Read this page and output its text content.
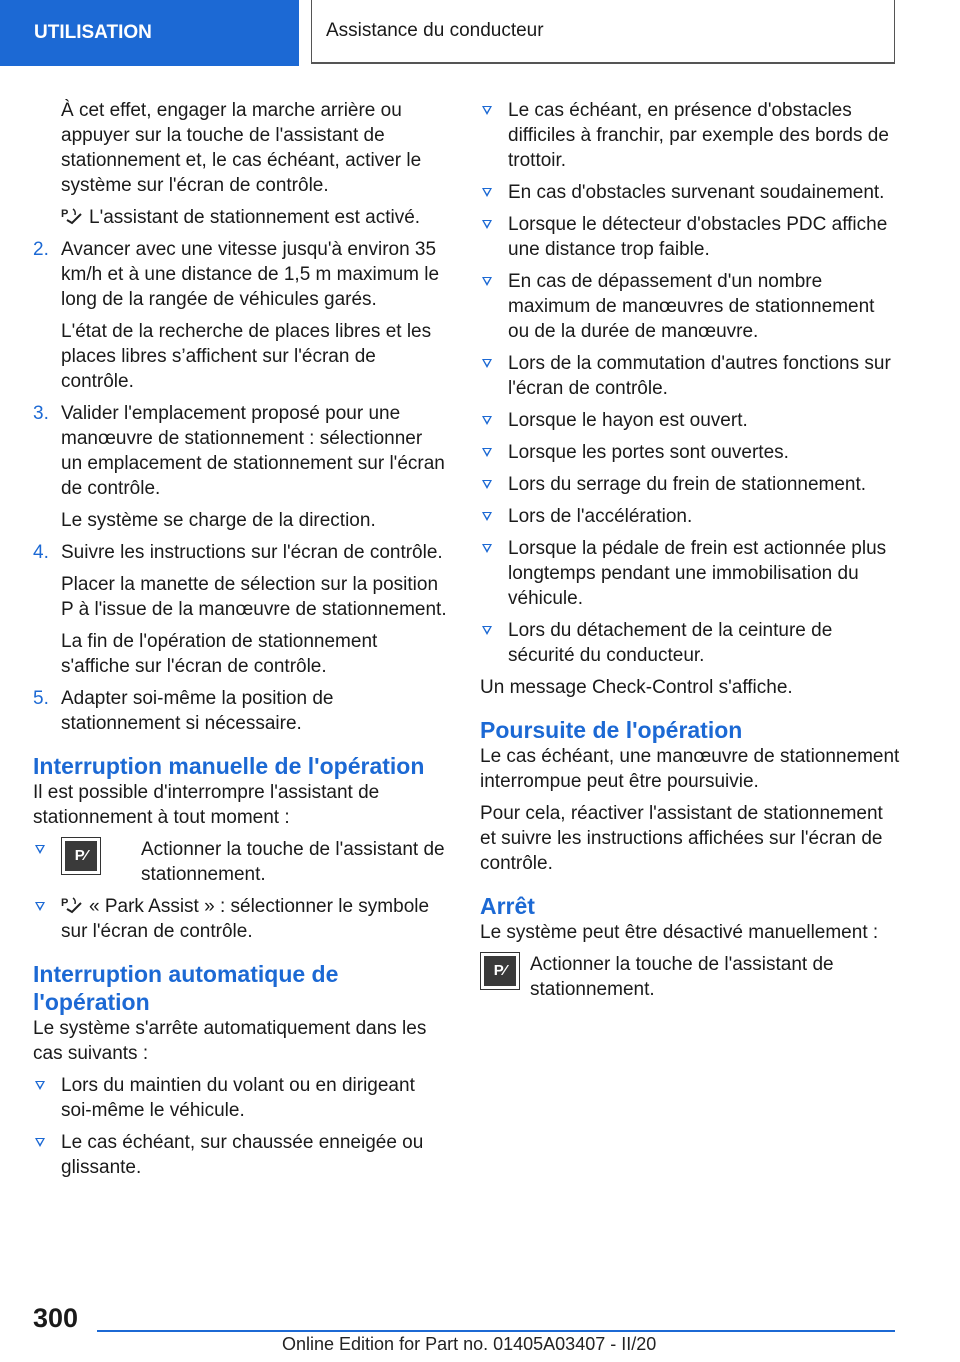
UTILISATION	Assistance du conducteur

À cet effet, engager la marche arrière ou appuyer sur la touche de l'assistant de stationnement et, le cas échéant, activer le système sur l'écran de contrôle.

P L'assistant de stationnement est activé.

2. Avancer avec une vitesse jusqu'à environ 35 km/h et à une distance de 1,5 m maximum le long de la rangée de véhicules garés.

L'état de la recherche de places libres et les places libres s’affichent sur l'écran de contrôle.

3. Valider l'emplacement proposé pour une manœuvre de stationnement : sélectionner un emplacement de stationnement sur l'écran de contrôle.

Le système se charge de la direction.

4. Suivre les instructions sur l'écran de contrôle.

Placer la manette de sélection sur la position P à l'issue de la manœuvre de stationnement.

La fin de l'opération de stationnement s'affiche sur l'écran de contrôle.

5. Adapter soi-même la position de stationnement si nécessaire.

Interruption manuelle de l'opération

Il est possible d'interrompre l'assistant de stationnement à tout moment :

P⁄	Actionner la touche de l'assistant de stationnement.
P « Park Assist » : sélectionner le symbole sur l'écran de contrôle.
Interruption automatique de l'opération

Le système s'arrête automatiquement dans les cas suivants :

Lors du maintien du volant ou en dirigeant soi-même le véhicule.
Le cas échéant, sur chaussée enneigée ou glissante.
Le cas échéant, en présence d'obstacles difficiles à franchir, par exemple des bords de trottoir.
En cas d'obstacles survenant soudainement.
Lorsque le détecteur d'obstacles PDC affiche une distance trop faible.
En cas de dépassement d'un nombre maximum de manœuvres de stationnement ou de la durée de manœuvre.
Lors de la commutation d'autres fonctions sur l'écran de contrôle.
Lorsque le hayon est ouvert.
Lorsque les portes sont ouvertes.
Lors du serrage du frein de stationnement.
Lors de l'accélération.
Lorsque la pédale de frein est actionnée plus longtemps pendant une immobilisation du véhicule.
Lors du détachement de la ceinture de sécurité du conducteur.

Un message Check-Control s'affiche.

Poursuite de l'opération

Le cas échéant, une manœuvre de stationnement interrompue peut être poursuivie.

Pour cela, réactiver l'assistant de stationnement et suivre les instructions affichées sur l'écran de contrôle.

Arrêt

Le système peut être désactivé manuellement :

P⁄	Actionner la touche de l'assistant de stationnement.
300
Online Edition for Part no. 01405A03407 - II/20
